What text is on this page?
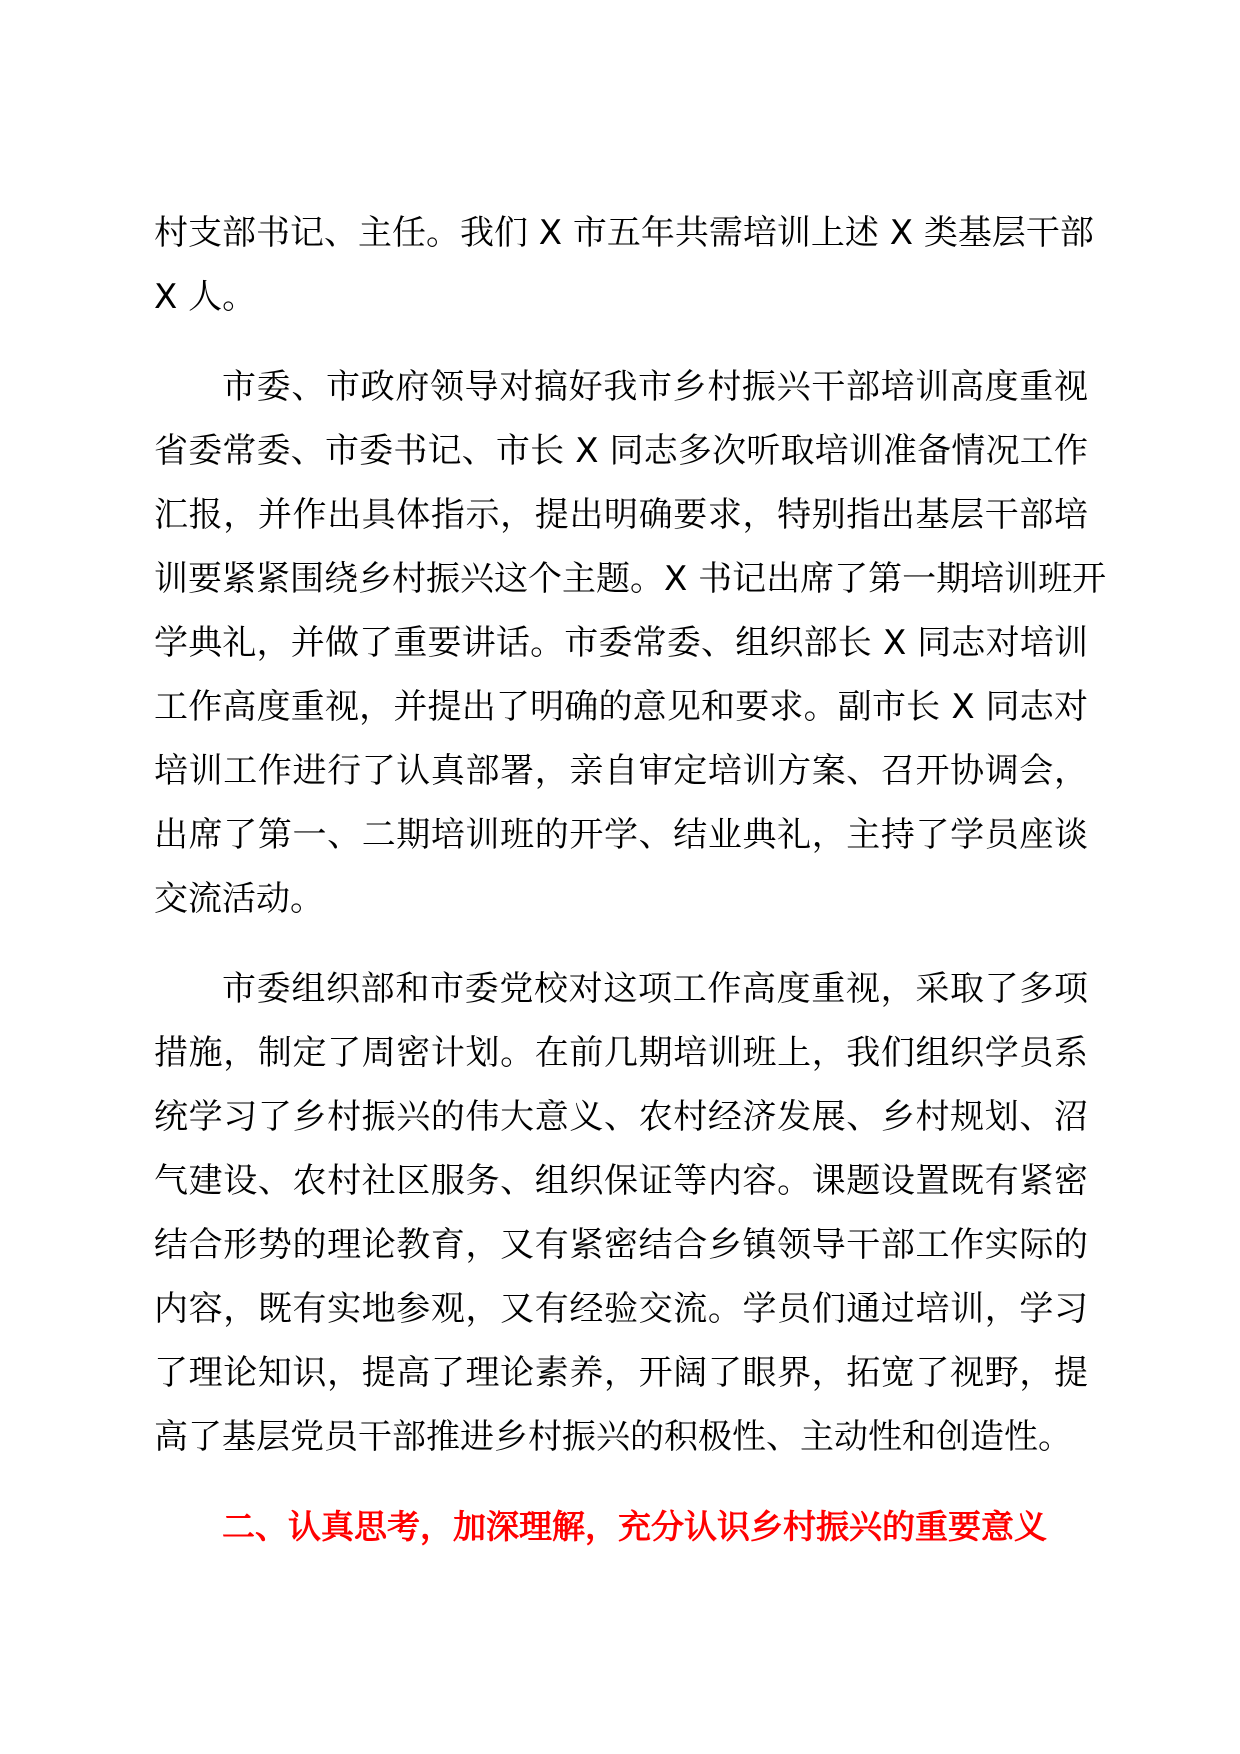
村支部书记、主任。我们 X 市五年共需培训上述 X 类基层干部
X 人。
市委、市政府领导对搞好我市乡村振兴干部培训高度重视
省委常委、市委书记、市长 X 同志多次听取培训准备情况工作
汇报，并作出具体指示，提出明确要求，特别指出基层干部培
训要紧紧围绕乡村振兴这个主题。X 书记出席了第一期培训班开
学典礼，并做了重要讲话。市委常委、组织部长 X 同志对培训
工作高度重视，并提出了明确的意见和要求。副市长 X 同志对
培训工作进行了认真部署，亲自审定培训方案、召开协调会，
出席了第一、二期培训班的开学、结业典礼，主持了学员座谈
交流活动。
市委组织部和市委党校对这项工作高度重视，采取了多项
措施，制定了周密计划。在前几期培训班上，我们组织学员系
统学习了乡村振兴的伟大意义、农村经济发展、乡村规划、沼
气建设、农村社区服务、组织保证等内容。课题设置既有紧密
结合形势的理论教育，又有紧密结合乡镇领导干部工作实际的
内容，既有实地参观，又有经验交流。学员们通过培训，学习
了理论知识，提高了理论素养，开阔了眼界，拓宽了视野，提
高了基层党员干部推进乡村振兴的积极性、主动性和创造性。
二、认真思考，加深理解，充分认识乡村振兴的重要意义
